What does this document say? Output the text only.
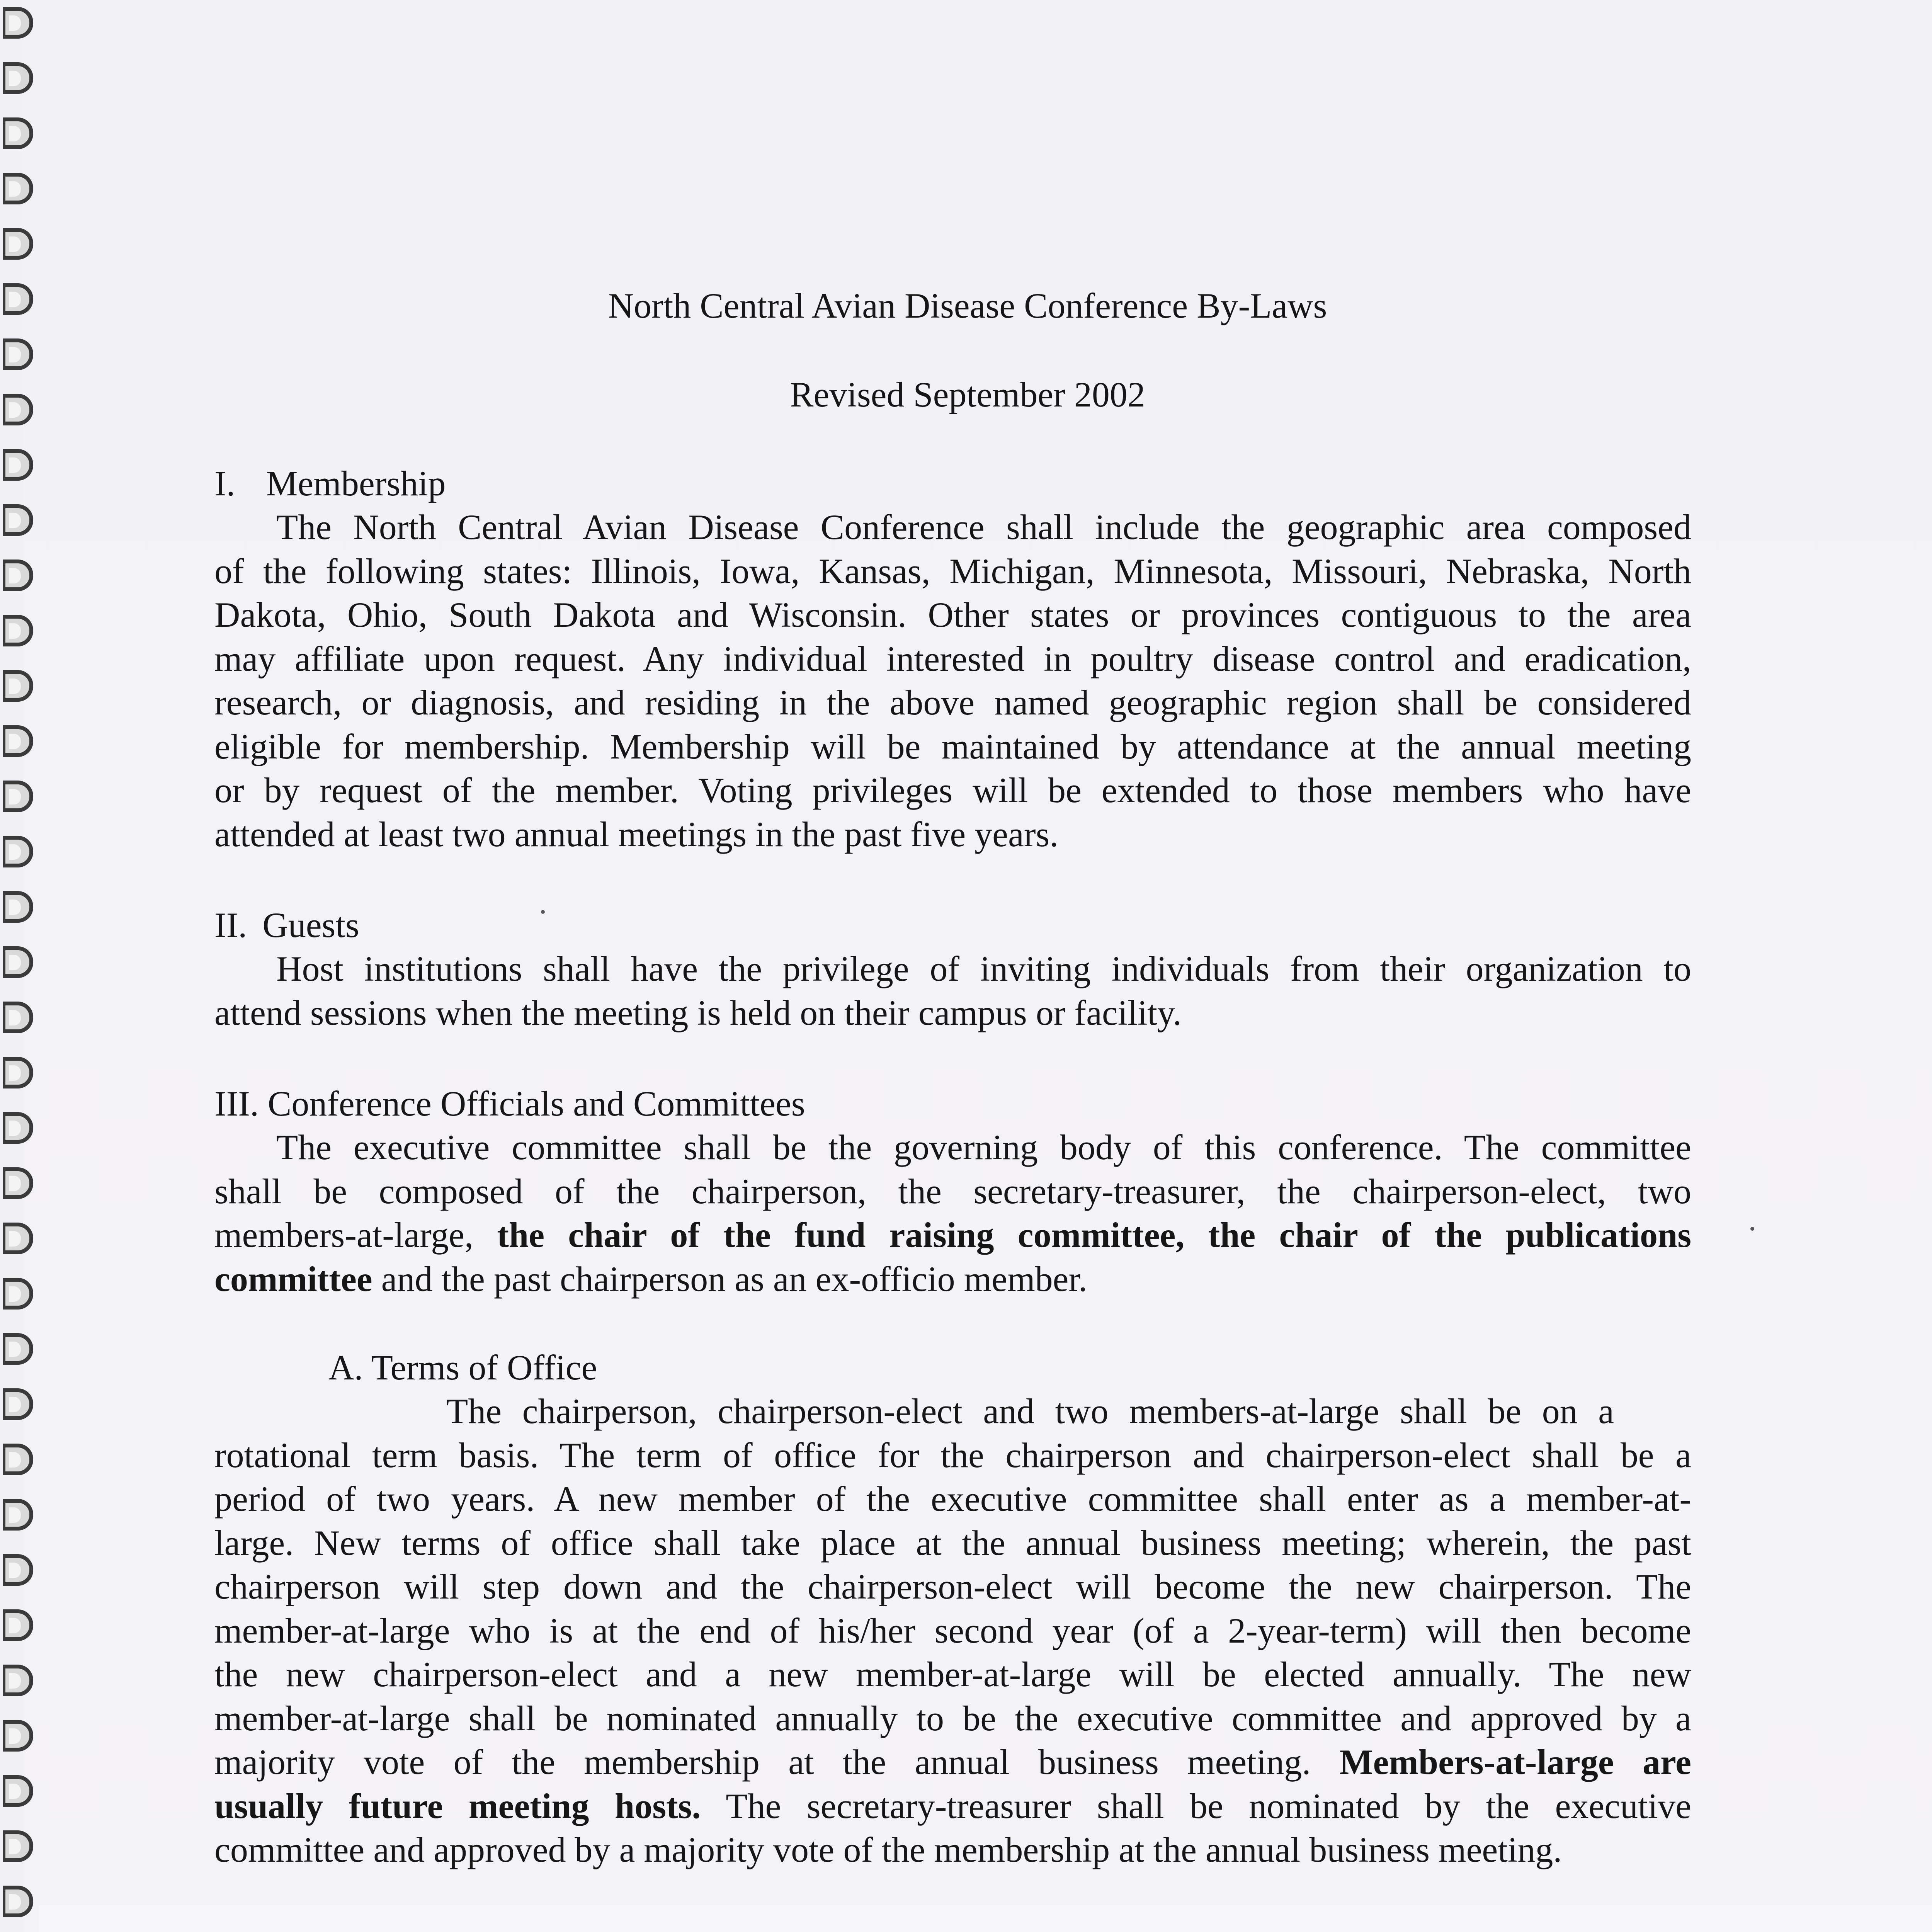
North Central Avian Disease Conference By-Laws
Revised September 2002
I. Membership
The North Central Avian Disease Conference shall include the geographic area composed
of the following states: Illinois, Iowa, Kansas, Michigan, Minnesota, Missouri, Nebraska, North
Dakota, Ohio, South Dakota and Wisconsin. Other states or provinces contiguous to the area
may affiliate upon request. Any individual interested in poultry disease control and eradication,
research, or diagnosis, and residing in the above named geographic region shall be considered
eligible for membership. Membership will be maintained by attendance at the annual meeting
or by request of the member. Voting privileges will be extended to those members who have
attended at least two annual meetings in the past five years.
II. Guests
Host institutions shall have the privilege of inviting individuals from their organization to
attend sessions when the meeting is held on their campus or facility.
III. Conference Officials and Committees
The executive committee shall be the governing body of this conference. The committee
shall be composed of the chairperson, the secretary-treasurer, the chairperson-elect, two
members-at-large, the chair of the fund raising committee, the chair of the publications
committee and the past chairperson as an ex-officio member.
A. Terms of Office
The chairperson, chairperson-elect and two members-at-large shall be on a
rotational term basis. The term of office for the chairperson and chairperson-elect shall be a
period of two years. A new member of the executive committee shall enter as a member-at-
large. New terms of office shall take place at the annual business meeting; wherein, the past
chairperson will step down and the chairperson-elect will become the new chairperson. The
member-at-large who is at the end of his/her second year (of a 2-year-term) will then become
the new chairperson-elect and a new member-at-large will be elected annually. The new
member-at-large shall be nominated annually to be the executive committee and approved by a
majority vote of the membership at the annual business meeting. Members-at-large are
usually future meeting hosts. The secretary-treasurer shall be nominated by the executive
committee and approved by a majority vote of the membership at the annual business meeting.
